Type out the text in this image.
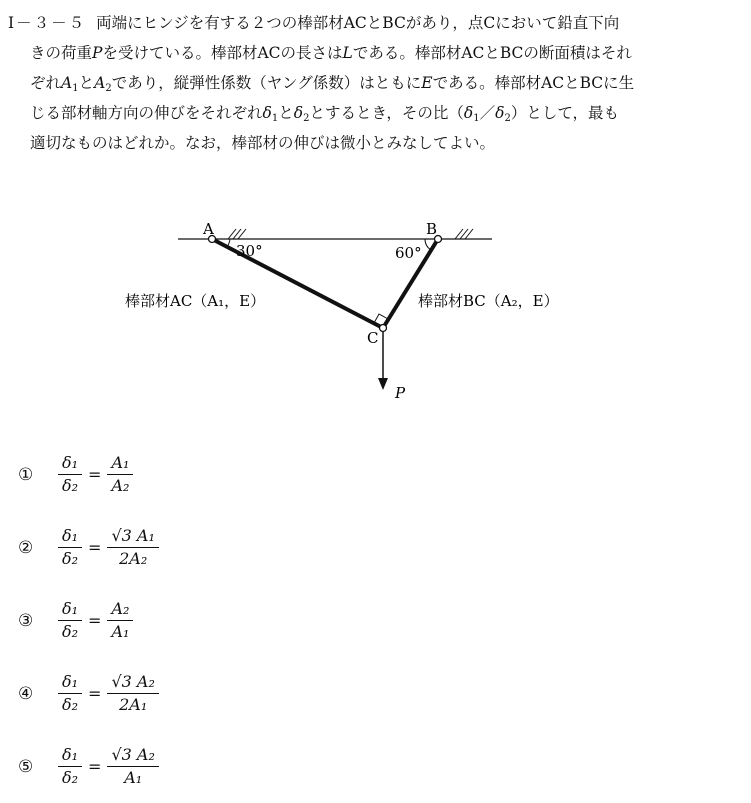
Ⅰ－３－５ 両端にヒンジを有する２つの棒部材ACとBCがあり，点Cにおいて鉛直下向
きの荷重Pを受けている。棒部材ACの長さはLである。棒部材ACとBCの断面積はそれ
ぞれ$A_1$と$A_2$であり，縦弾性係数（ヤング係数）はともにEである。棒部材ACとBCに生
じる部材軸方向の伸びをそれぞれ$\delta_1$と$\delta_2$とするとき，その比$(\delta_1/\delta_2)$として，最も
適切なものはどれか。なお，棒部材の伸びは微小とみなしてよい。
A	B
C
30°	60°
棒部材AC（A₁，E）	棒部材BC（A₂，E）
P
①	$\frac{\text{δ₁}}{\text{δ₂}} = \frac{\text{A₁}}{\text{A₂}}$
②	$\frac{\text{δ₁}}{\text{δ₂}} = \frac{\text{√3 A₁}}{\text{2A₂}}$
③	$\frac{\text{δ₁}}{\text{δ₂}} = \frac{\text{A₂}}{\text{A₁}}$
④	$\frac{\text{δ₁}}{\text{δ₂}} = \frac{\text{√3 A₂}}{\text{2A₁}}$
⑤	$\frac{\text{δ₁}}{\text{δ₂}} = \frac{\text{√3 A₂}}{\text{A₁}}$
